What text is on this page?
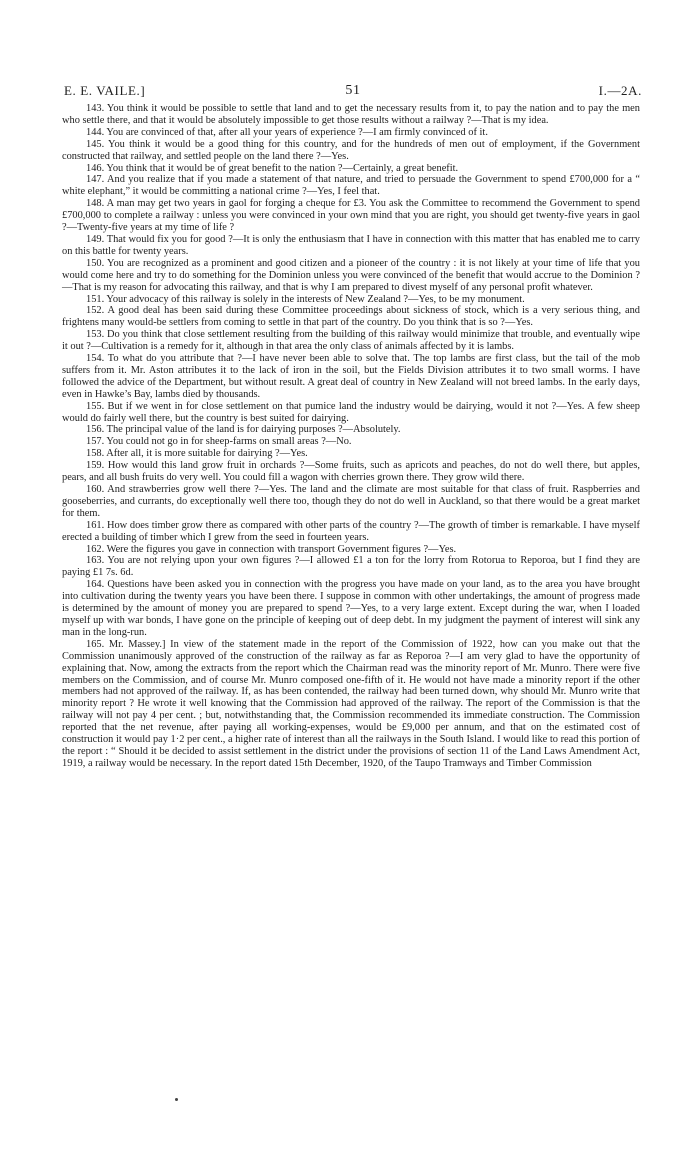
51
E. E. VAILE.]	I.—2A.

143. You think it would be possible to settle that land and to get the necessary results from it, to pay the nation and to pay the men who settle there, and that it would be absolutely impossible to get those results without a railway ?—That is my idea.

144. You are convinced of that, after all your years of experience ?—I am firmly convinced of it.

145. You think it would be a good thing for this country, and for the hundreds of men out of employment, if the Government constructed that railway, and settled people on the land there ?—Yes.

146. You think that it would be of great benefit to the nation ?—Certainly, a great benefit.

147. And you realize that if you made a statement of that nature, and tried to persuade the Government to spend £700,000 for a “ white elephant,” it would be committing a national crime ?—Yes, I feel that.

148. A man may get two years in gaol for forging a cheque for £3. You ask the Committee to recommend the Government to spend £700,000 to complete a railway : unless you were convinced in your own mind that you are right, you should get twenty-five years in gaol ?—Twenty-five years at my time of life ?

149. That would fix you for good ?—It is only the enthusiasm that I have in connection with this matter that has enabled me to carry on this battle for twenty years.

150. You are recognized as a prominent and good citizen and a pioneer of the country : it is not likely at your time of life that you would come here and try to do something for the Dominion unless you were convinced of the benefit that would accrue to the Dominion ?—That is my reason for advocating this railway, and that is why I am prepared to divest myself of any personal profit whatever.

151. Your advocacy of this railway is solely in the interests of New Zealand ?—Yes, to be my monument.

152. A good deal has been said during these Committee proceedings about sickness of stock, which is a very serious thing, and frightens many would-be settlers from coming to settle in that part of the country. Do you think that is so ?—Yes.

153. Do you think that close settlement resulting from the building of this railway would minimize that trouble, and eventually wipe it out ?—Cultivation is a remedy for it, although in that area the only class of animals affected by it is lambs.

154. To what do you attribute that ?—I have never been able to solve that. The top lambs are first class, but the tail of the mob suffers from it. Mr. Aston attributes it to the lack of iron in the soil, but the Fields Division attributes it to two small worms. I have followed the advice of the Department, but without result. A great deal of country in New Zealand will not breed lambs. In the early days, even in Hawke’s Bay, lambs died by thousands.

155. But if we went in for close settlement on that pumice land the industry would be dairying, would it not ?—Yes. A few sheep would do fairly well there, but the country is best suited for dairying.

156. The principal value of the land is for dairying purposes ?—Absolutely.

157. You could not go in for sheep-farms on small areas ?—No.

158. After all, it is more suitable for dairying ?—Yes.

159. How would this land grow fruit in orchards ?—Some fruits, such as apricots and peaches, do not do well there, but apples, pears, and all bush fruits do very well. You could fill a wagon with cherries grown there. They grow wild there.

160. And strawberries grow well there ?—Yes. The land and the climate are most suitable for that class of fruit. Raspberries and gooseberries, and currants, do exceptionally well there too, though they do not do well in Auckland, so that there would be a great market for them.

161. How does timber grow there as compared with other parts of the country ?—The growth of timber is remarkable. I have myself erected a building of timber which I grew from the seed in fourteen years.

162. Were the figures you gave in connection with transport Government figures ?—Yes.

163. You are not relying upon your own figures ?—I allowed £1 a ton for the lorry from Rotorua to Reporoa, but I find they are paying £1 7s. 6d.

164. Questions have been asked you in connection with the progress you have made on your land, as to the area you have brought into cultivation during the twenty years you have been there. I suppose in common with other undertakings, the amount of progress made is determined by the amount of money you are prepared to spend ?—Yes, to a very large extent. Except during the war, when I loaded myself up with war bonds, I have gone on the principle of keeping out of deep debt. In my judgment the payment of interest will sink any man in the long-run.

165. Mr. Massey.] In view of the statement made in the report of the Commission of 1922, how can you make out that the Commission unanimously approved of the construction of the railway as far as Reporoa ?—I am very glad to have the opportunity of explaining that. Now, among the extracts from the report which the Chairman read was the minority report of Mr. Munro. There were five members on the Commission, and of course Mr. Munro composed one-fifth of it. He would not have made a minority report if the other members had not approved of the railway. If, as has been contended, the railway had been turned down, why should Mr. Munro write that minority report ? He wrote it well knowing that the Commission had approved of the railway. The report of the Commission is that the railway will not pay 4 per cent. ; but, notwithstanding that, the Commission recommended its immediate construction. The Commission reported that the net revenue, after paying all working-expenses, would be £9,000 per annum, and that on the estimated cost of construction it would pay 1·2 per cent., a higher rate of interest than all the railways in the South Island. I would like to read this portion of the report : “ Should it be decided to assist settlement in the district under the provisions of section 11 of the Land Laws Amendment Act, 1919, a railway would be necessary. In the report dated 15th December, 1920, of the Taupo Tramways and Timber Commission
